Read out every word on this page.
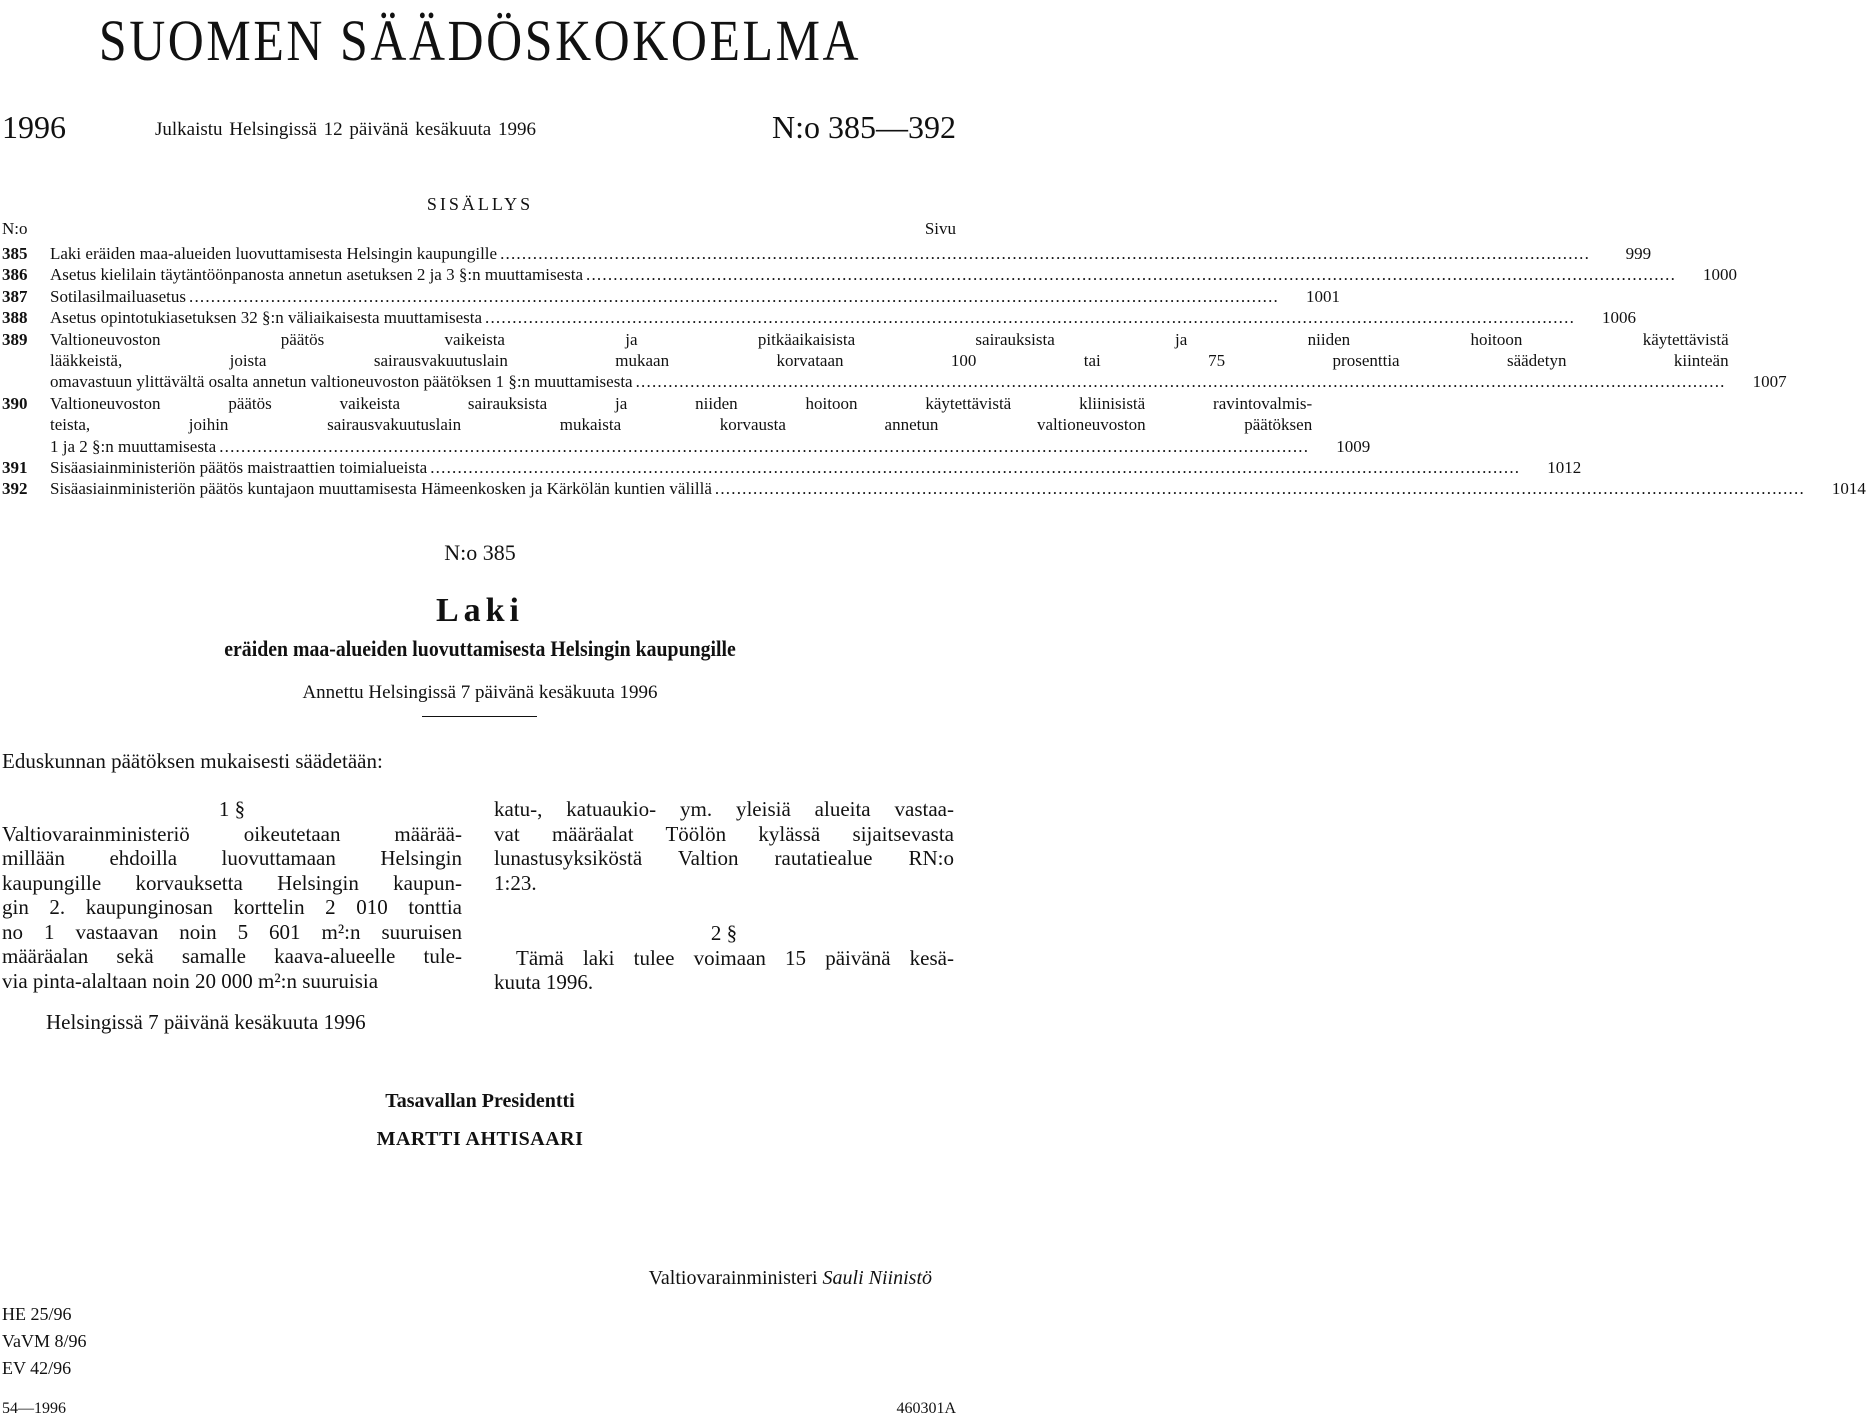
SUOMEN SÄÄDÖSKOKOELMA
1996	Julkaistu Helsingissä 12 päivänä kesäkuuta 1996	N:o 385—392
SISÄLLYS
N:o	Sivu
385	Laki eräiden maa-alueiden luovuttamisesta Helsingin kaupungille ........................................................................................................................................................................................................	999
386	Asetus kielilain täytäntöönpanosta annetun asetuksen 2 ja 3 §:n muuttamisesta ........................................................................................................................................................................................................	1000
387	Sotilasilmailuasetus ........................................................................................................................................................................................................	1001
388	Asetus opintotukiasetuksen 32 §:n väliaikaisesta muuttamisesta ........................................................................................................................................................................................................	1006
389	Valtioneuvoston päätös vaikeista ja pitkäaikaisista sairauksista ja niiden hoitoon käytettävistä
lääkkeistä, joista sairausvakuutuslain mukaan korvataan 100 tai 75 prosenttia säädetyn kiinteän
omavastuun ylittävältä osalta annetun valtioneuvoston päätöksen 1 §:n muuttamisesta ........................................................................................................................................................................................................	1007
390	Valtioneuvoston päätös vaikeista sairauksista ja niiden hoitoon käytettävistä kliinisistä ravintovalmis-
teista, joihin sairausvakuutuslain mukaista korvausta annetun valtioneuvoston päätöksen
1 ja 2 §:n muuttamisesta ........................................................................................................................................................................................................	1009
391	Sisäasiainministeriön päätös maistraattien toimialueista ........................................................................................................................................................................................................	1012
392	Sisäasiainministeriön päätös kuntajaon muuttamisesta Hämeenkosken ja Kärkölän kuntien välillä ........................................................................................................................................................................................................	1014
N:o 385
Laki
eräiden maa-alueiden luovuttamisesta Helsingin kaupungille
Annettu Helsingissä 7 päivänä kesäkuuta 1996
Eduskunnan päätöksen mukaisesti säädetään:
1 §
Valtiovarainministeriö oikeutetaan määrää-
millään ehdoilla luovuttamaan Helsingin
kaupungille korvauksetta Helsingin kaupun-
gin 2. kaupunginosan korttelin 2 010 tonttia
no 1 vastaavan noin 5 601 m²:n suuruisen
määräalan sekä samalle kaava-alueelle tule-
via pinta-alaltaan noin 20 000 m²:n suuruisia
katu-, katuaukio- ym. yleisiä alueita vastaa-
vat määräalat Töölön kylässä sijaitsevasta
lunastusyksiköstä Valtion rautatiealue RN:o
1:23.
2 §
Tämä laki tulee voimaan 15 päivänä kesä-
kuuta 1996.
Helsingissä 7 päivänä kesäkuuta 1996
Tasavallan Presidentti
MARTTI AHTISAARI
Valtiovarainministeri Sauli Niinistö
HE 25/96
VaVM 8/96
EV 42/96
54—1996	460301A
